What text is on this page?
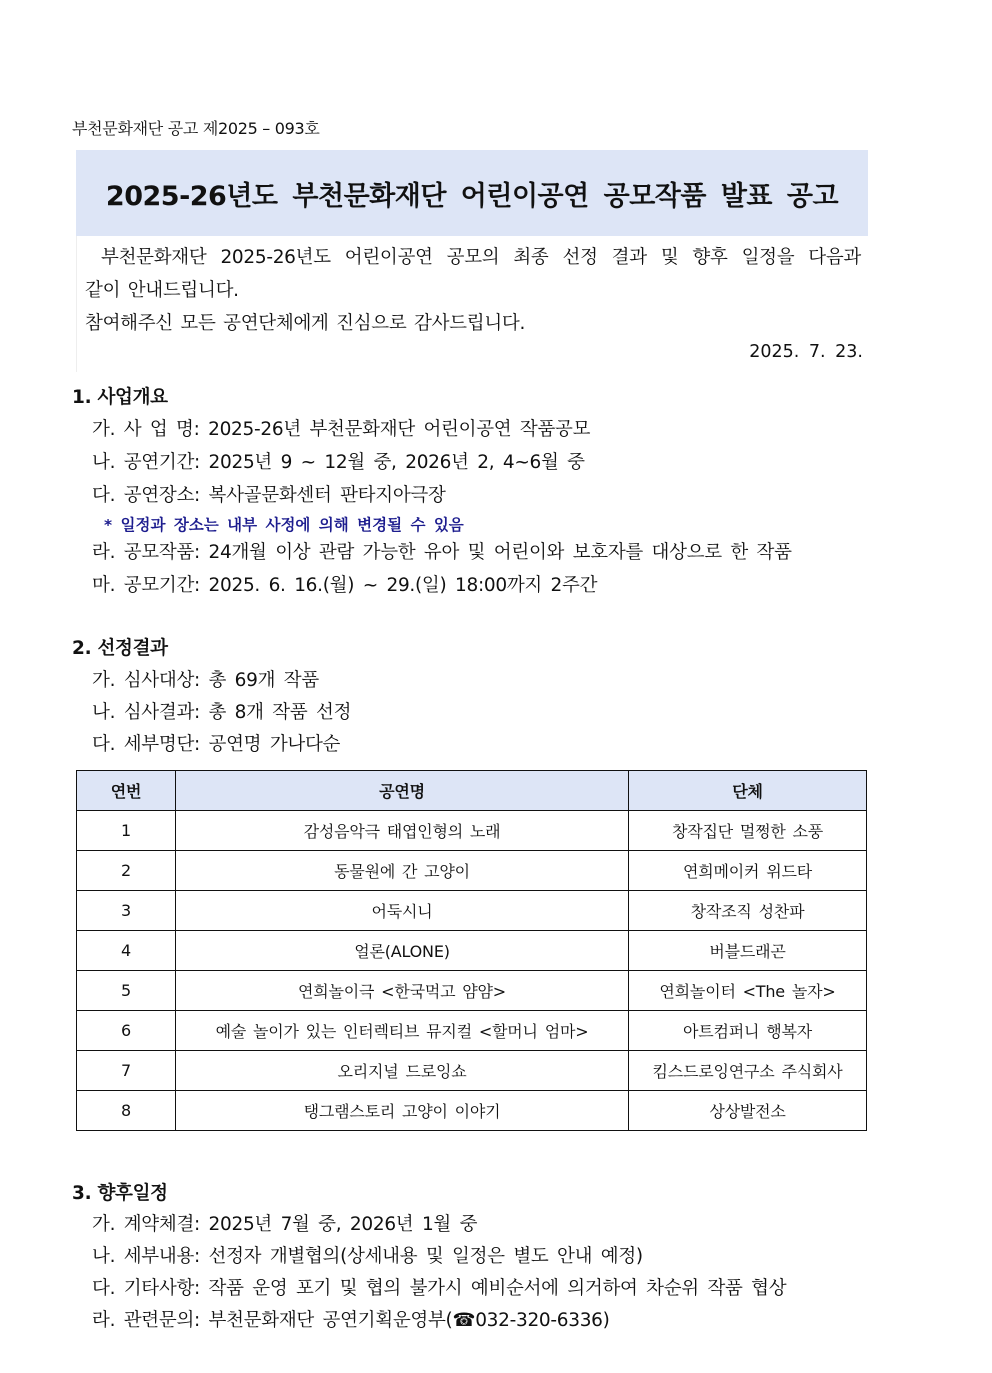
부천문화재단 공고 제2025 – 093호
2025-26년도 부천문화재단 어린이공연 공모작품 발표 공고
부천문화재단 2025-26년도 어린이공연 공모의 최종 선정 결과 및 향후 일정을 다음과
같이 안내드립니다.
참여해주신 모든 공연단체에게 진심으로 감사드립니다.
2025. 7. 23.
1. 사업개요
가. 사 업 명: 2025-26년 부천문화재단 어린이공연 작품공모
나. 공연기간: 2025년 9 ~ 12월 중, 2026년 2, 4~6월 중
다. 공연장소: 복사골문화센터 판타지아극장
* 일정과 장소는 내부 사정에 의해 변경될 수 있음
라. 공모작품: 24개월 이상 관람 가능한 유아 및 어린이와 보호자를 대상으로 한 작품
마. 공모기간: 2025. 6. 16.(월) ~ 29.(일) 18:00까지 2주간
2. 선정결과
가. 심사대상: 총 69개 작품
나. 심사결과: 총 8개 작품 선정
다. 세부명단: 공연명 가나다순
연번	공연명	단체
1	감성음악극 태엽인형의 노래	창작집단 멀쩡한 소풍
2	동물원에 간 고양이	연희메이커 위드타
3	어둑시니	창작조직 성찬파
4	얼론(ALONE)	버블드래곤
5	연희놀이극 <한국먹고 얌얌>	연희놀이터 <The 놀자>
6	예술 놀이가 있는 인터렉티브 뮤지컬 <할머니 엄마>	아트컴퍼니 행복자
7	오리지널 드로잉쇼	킴스드로잉연구소 주식회사
8	탱그램스토리 고양이 이야기	상상발전소
3. 향후일정
가. 계약체결: 2025년 7월 중, 2026년 1월 중
나. 세부내용: 선정자 개별협의(상세내용 및 일정은 별도 안내 예정)
다. 기타사항: 작품 운영 포기 및 협의 불가시 예비순서에 의거하여 차순위 작품 협상
라. 관련문의: 부천문화재단 공연기획운영부(☎032-320-6336)
